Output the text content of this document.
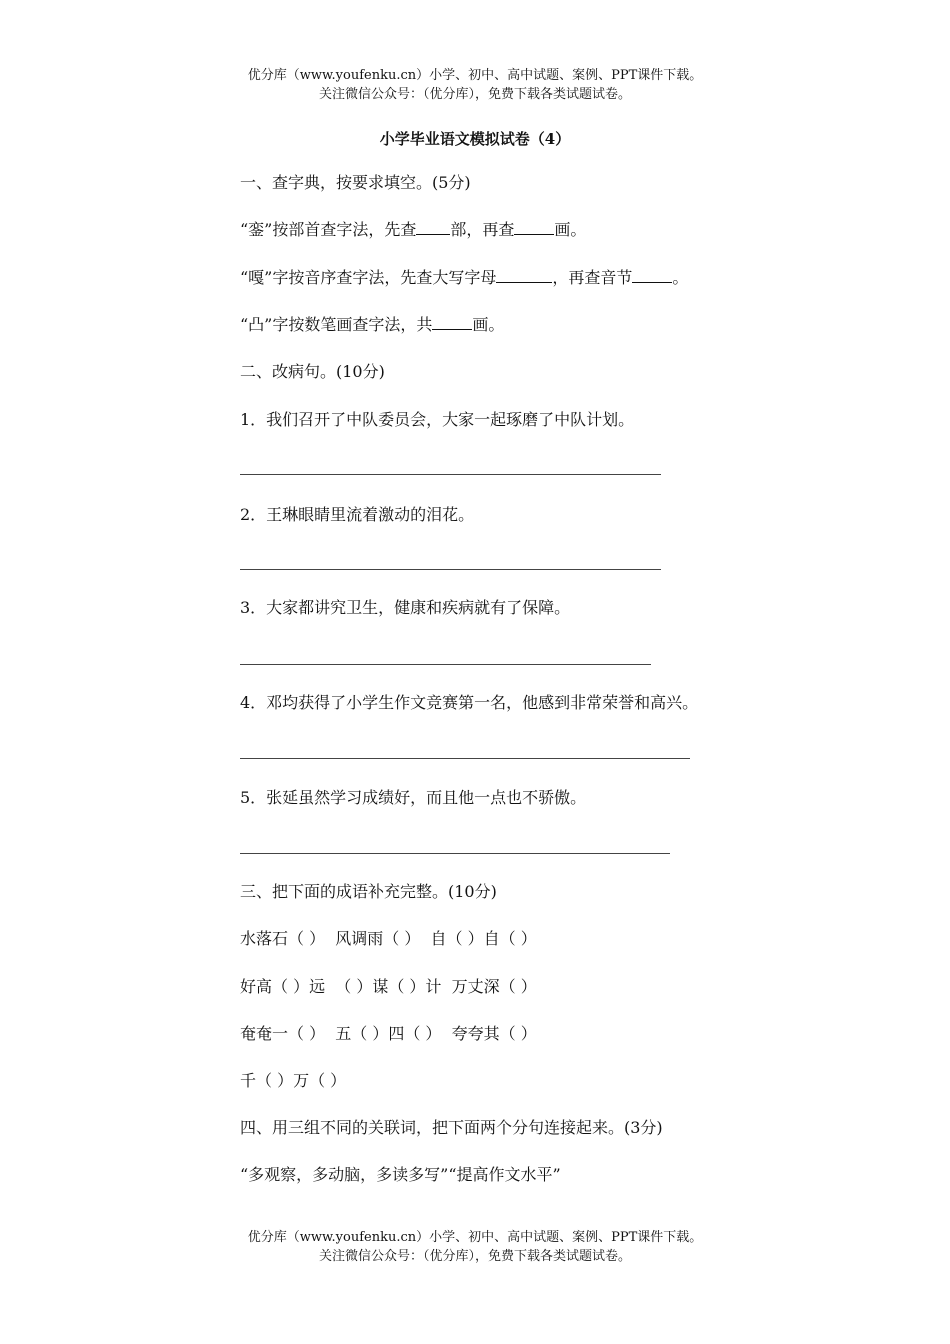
优分库（www.youfenku.cn）小学、初中、高中试题、案例、PPT课件下载。
关注微信公众号：（优分库），免费下载各类试题试卷。
小学毕业语文模拟试卷（4）
一、查字典，按要求填空。(5分)
“銮”按部首查字法，先查 部，再查	画。
“嘎”字按音序查字法，先查大写字母	，再查音节	。
“凸”字按数笔画查字法，共	画。
二、改病句。(10分)
1．我们召开了中队委员会，大家一起琢磨了中队计划。
2．王琳眼睛里流着激动的泪花。
3．大家都讲究卫生，健康和疾病就有了保障。
4．邓均获得了小学生作文竞赛第一名，他感到非常荣誉和高兴。
5．张延虽然学习成绩好，而且他一点也不骄傲。
三、把下面的成语补充完整。(10分)
水落石（ ）  风调雨（ ）  自（ ）自（ ）
好高（ ）远  （ ）谋（ ）计  万丈深（ ）
奄奄一（ ）  五（ ）四（ ）  夸夸其（ ）
千（ ）万（ ）
四、用三组不同的关联词，把下面两个分句连接起来。(3分)
“多观察，多动脑，多读多写”“提高作文水平”
优分库（www.youfenku.cn）小学、初中、高中试题、案例、PPT课件下载。
关注微信公众号：（优分库），免费下载各类试题试卷。
